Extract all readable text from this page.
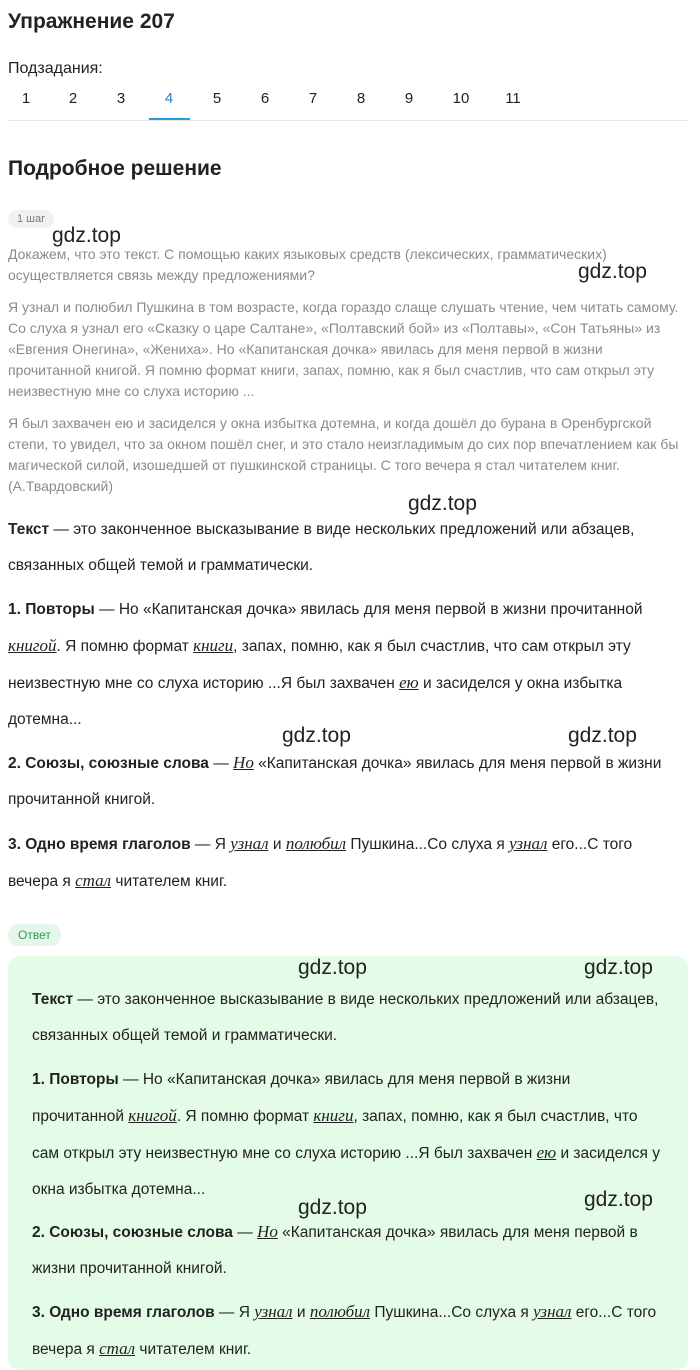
Упражнение 207
Подзадания:
1	2	3	4	5	6	7	8	9	10	11
Подробное решение
1 шаг

Докажем, что это текст. С помощью каких языковых средств (лексических, грамматических) осуществляется связь между предложениями?

Я узнал и полюбил Пушкина в том возрасте, когда гораздо слаще слушать чтение, чем читать самому. Со слуха я узнал его «Сказку о царе Салтане», «Полтавский бой» из «Полтавы», «Сон Татьяны» из «Евгения Онегина», «Жениха». Но «Капитанская дочка» явилась для меня первой в жизни прочитанной книгой. Я помню формат книги, запах, помню, как я был счастлив, что сам открыл эту неизвестную мне со слуха историю ...

Я был захвачен ею и засиделся у окна избытка дотемна, и когда дошёл до бурана в Оренбургской степи, то увидел, что за окном пошёл снег, и это стало неизгладимым до сих пор впечатлением как бы магической силой, изошедшей от пушкинской страницы. С того вечера я стал читателем книг. (А.Твардовский)

Текст — это законченное высказывание в виде нескольких предложений или абзацев, связанных общей темой и грамматически.
1. Повторы — Но «Капитанская дочка» явилась для меня первой в жизни прочитанной книгой. Я помню формат книги, запах, помню, как я был счастлив, что сам открыл эту неизвестную мне со слуха историю ...Я был захвачен ею и засиделся у окна избытка дотемна...
2. Союзы, союзные слова — Но «Капитанская дочка» явилась для меня первой в жизни прочитанной книгой.
3. Одно время глаголов — Я узнал и полюбил Пушкина...Со слуха я узнал его...С того вечера я стал читателем книг.
Ответ
Текст — это законченное высказывание в виде нескольких предложений или абзацев, связанных общей темой и грамматически.
1. Повторы — Но «Капитанская дочка» явилась для меня первой в жизни прочитанной книгой. Я помню формат книги, запах, помню, как я был счастлив, что сам открыл эту неизвестную мне со слуха историю ...Я был захвачен ею и засиделся у окна избытка дотемна...
2. Союзы, союзные слова — Но «Капитанская дочка» явилась для меня первой в жизни прочитанной книгой.
3. Одно время глаголов — Я узнал и полюбил Пушкина...Со слуха я узнал его...С того вечера я стал читателем книг.
gdz.top
gdz.top
gdz.top
gdz.top	gdz.top
gdz.top	gdz.top
gdz.top	gdz.top
